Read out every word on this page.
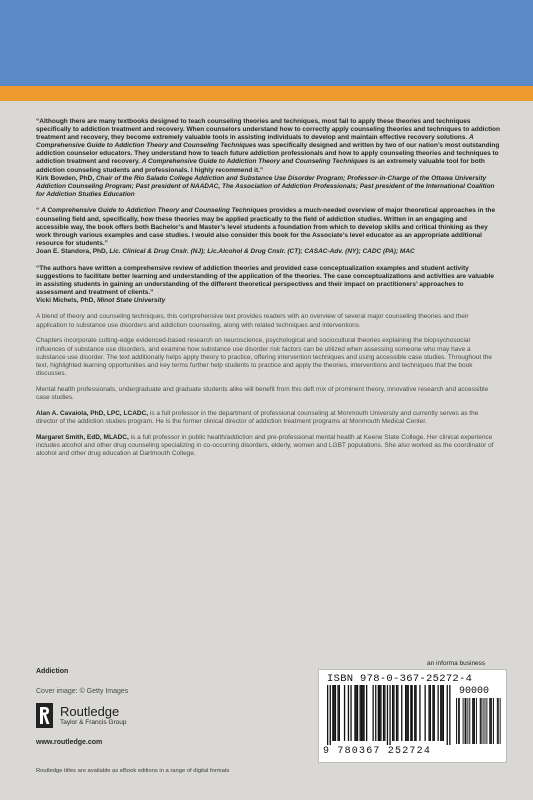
“Although there are many textbooks designed to teach counseling theories and techniques, most fail to apply these theories and techniques specifically to addiction treatment and recovery. When counselors understand how to correctly apply counseling theories and techniques to addiction treatment and recovery, they become extremely valuable tools in assisting individuals to develop and maintain effective recovery solutions. A Comprehensive Guide to Addiction Theory and Counseling Techniques was specifically designed and written by two of our nation’s most outstanding addiction counselor educators. They understand how to teach future addiction professionals and how to apply counseling theories and techniques to addiction treatment and recovery. A Comprehensive Guide to Addiction Theory and Counseling Techniques is an extremely valuable tool for both addiction counseling students and professionals. I highly recommend it.”
Kirk Bowden, PhD, Chair of the Rio Salado College Addiction and Substance Use Disorder Program; Professor-in-Charge of the Ottawa University Addiction Counseling Program; Past president of NAADAC, The Association of Addiction Professionals; Past president of the International Coalition for Addiction Studies Education
“ A Comprehensive Guide to Addiction Theory and Counseling Techniques provides a much-needed overview of major theoretical approaches in the counseling field and, specifically, how these theories may be applied practically to the field of addiction studies. Written in an engaging and accessible way, the book offers both Bachelor’s and Master’s level students a foundation from which to develop skills and critical thinking as they work through various examples and case studies. I would also consider this book for the Associate’s level educator as an appropriate additional resource for students.”
Joan E. Standora, PhD, Lic. Clinical & Drug Cnslr. (NJ); Lic.Alcohol & Drug Cnslr. (CT); CASAC-Adv. (NY); CADC (PA); MAC
“The authors have written a comprehensive review of addiction theories and provided case conceptualization examples and student activity suggestions to facilitate better learning and understanding of the application of the theories. The case conceptualizations and activities are valuable in assisting students in gaining an understanding of the different theoretical perspectives and their impact on practitioners’ approaches to assessment and treatment of clients.”
Vicki Michels, PhD, Minot State University

A blend of theory and counseling techniques, this comprehensive text provides readers with an overview of several major counseling theories and their application to substance use disorders and addiction counseling, along with related techniques and interventions.

Chapters incorporate cutting-edge evidenced-based research on neuroscience, psychological and sociocultural theories explaining the biopsychosocial influences of substance use disorders, and examine how substance use disorder risk factors can be utilized when assessing someone who may have a substance use disorder. The text additionally helps apply theory to practice, offering intervention techniques and using accessible case studies. Throughout the text, highlighted learning opportunities and key terms further help students to practice and apply the theories, interventions and techniques that the book discusses.

Mental health professionals, undergraduate and graduate students alike will benefit from this deft mix of prominent theory, innovative research and accessible case studies.

Alan A. Cavaiola, PhD, LPC, LCADC, is a full professor in the department of professional counseling at Monmouth University and currently serves as the director of the addiction studies program. He is the former clinical director of addiction treatment programs at Monmouth Medical Center.

Margaret Smith, EdD, MLADC, is a full professor in public health/addiction and pre-professional mental health at Keene State College. Her clinical experience includes alcohol and other drug counseling specializing in co-occurring disorders, elderly, women and LGBT populations. She also worked as the coordinator of alcohol and other drug education at Dartmouth College.

Addiction
Cover image: © Getty Images
Routledge
Taylor & Francis Group
www.routledge.com
an informa business
ISBN 978-0-367-25272-4
90000
9 780367 252724
Routledge titles are available as eBook editions in a range of digital formats
